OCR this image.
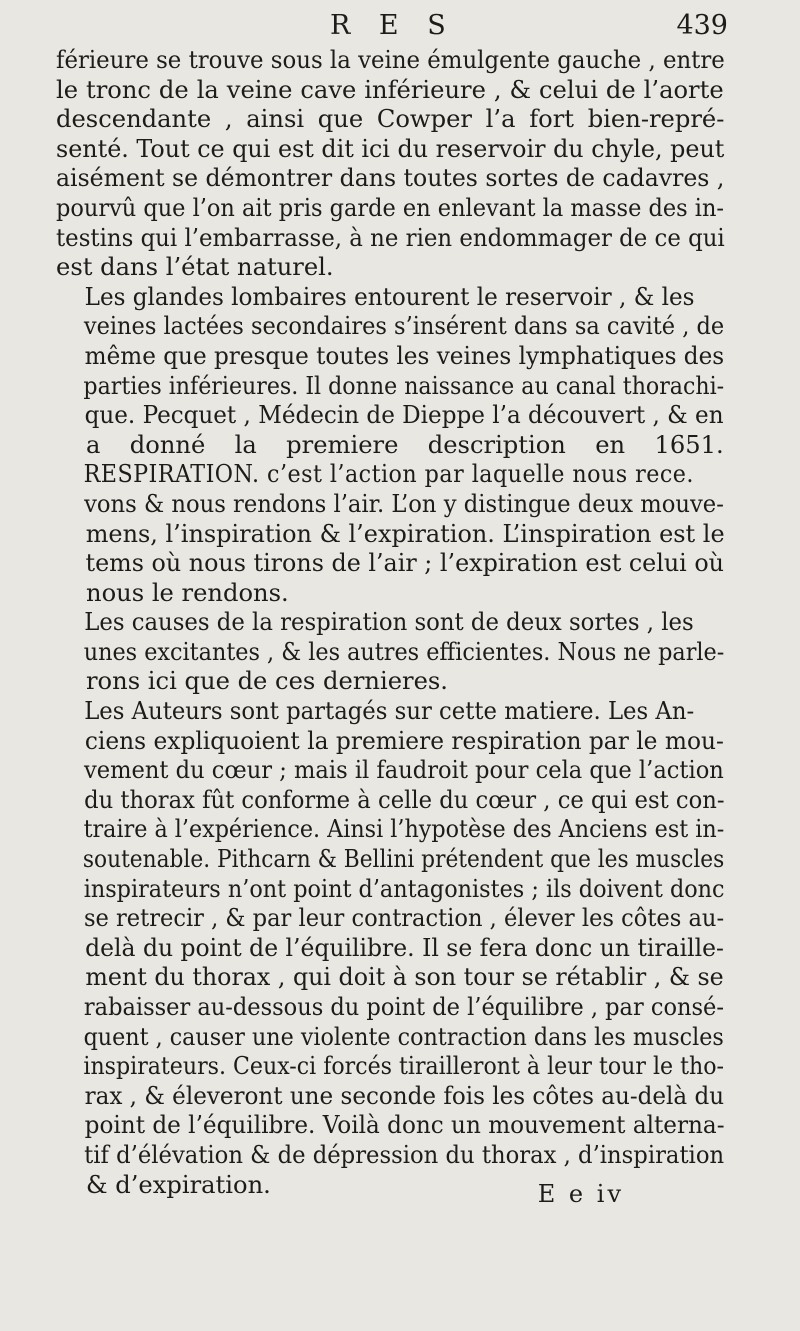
R E S	439

férieure se trouve sous la veine émulgente gauche , entre
le tronc de la veine cave inférieure , & celui de l’aorte
descendante , ainsi que Cowper l’a fort bien-repré-
senté. Tout ce qui est dit ici du reservoir du chyle, peut
aisément se démontrer dans toutes sortes de cadavres ,
pourvû que l’on ait pris garde en enlevant la masse des in-
testins qui l’embarrasse, à ne rien endommager de ce qui
est dans l’état naturel.

Les glandes lombaires entourent le reservoir , & les
veines lactées secondaires s’insérent dans sa cavité , de
même que presque toutes les veines lymphatiques des
parties inférieures. Il donne naissance au canal thorachi-
que. Pecquet , Médecin de Dieppe l’a découvert , & en
a donné la premiere description en 1651.

RESPIRATION. c’est l’action par laquelle nous rece.
vons & nous rendons l’air. L’on y distingue deux mouve-
mens, l’inspiration & l’expiration. L’inspiration est le
tems où nous tirons de l’air ; l’expiration est celui où
nous le rendons.

Les causes de la respiration sont de deux sortes , les
unes excitantes , & les autres efficientes. Nous ne parle-
rons ici que de ces dernieres.

Les Auteurs sont partagés sur cette matiere. Les An-
ciens expliquoient la premiere respiration par le mou-
vement du cœur ; mais il faudroit pour cela que l’action
du thorax fût conforme à celle du cœur , ce qui est con-
traire à l’expérience. Ainsi l’hypotèse des Anciens est in-
soutenable. Pithcarn & Bellini prétendent que les muscles
inspirateurs n’ont point d’antagonistes ; ils doivent donc
se retrecir , & par leur contraction , élever les côtes au-
delà du point de l’équilibre. Il se fera donc un tiraille-
ment du thorax , qui doit à son tour se rétablir , & se
rabaisser au-dessous du point de l’équilibre , par consé-
quent , causer une violente contraction dans les muscles
inspirateurs. Ceux-ci forcés tirailleront à leur tour le tho-
rax , & éleveront une seconde fois les côtes au-delà du
point de l’équilibre. Voilà donc un mouvement alterna-
tif d’élévation & de dépression du thorax , d’inspiration
& d’expiration.	E e iv
